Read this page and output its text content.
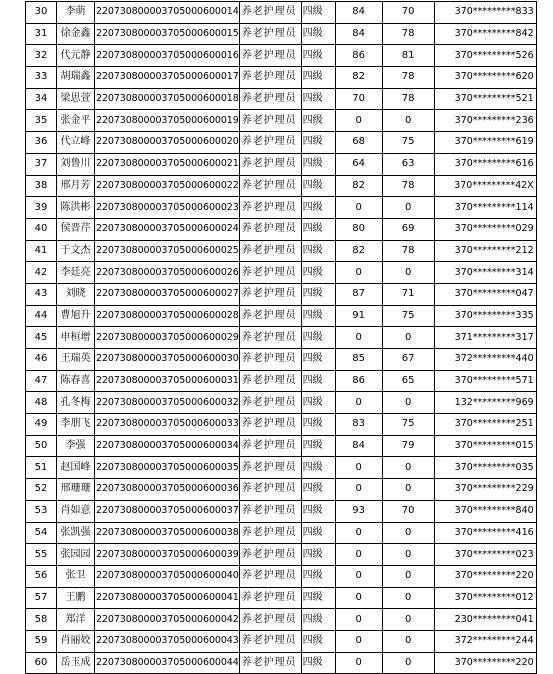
30	李萌	220730800003705000600014	养老护理员	四级	84	70	370*********833
31	徐金鑫	220730800003705000600015	养老护理员	四级	84	78	370*********842
32	代元静	220730800003705000600016	养老护理员	四级	86	81	370*********526
33	胡瑞鑫	220730800003705000600017	养老护理员	四级	82	78	370*********620
34	梁思萱	220730800003705000600018	养老护理员	四级	70	78	370*********521
35	张金平	220730800003705000600019	养老护理员	四级	0	0	370*********236
36	代立峰	220730800003705000600020	养老护理员	四级	68	75	370*********619
37	刘鲁川	220730800003705000600021	养老护理员	四级	64	63	370*********616
38	邢月芳	220730800003705000600022	养老护理员	四级	82	78	370*********42X
39	陈洪彬	220730800003705000600023	养老护理员	四级	0	0	370*********114
40	侯晋芹	220730800003705000600024	养老护理员	四级	80	69	370*********029
41	于文杰	220730800003705000600025	养老护理员	四级	82	78	370*********212
42	李廷亮	220730800003705000600026	养老护理员	四级	0	0	370*********314
43	刘晓	220730800003705000600027	养老护理员	四级	87	71	370*********047
44	曹旭升	220730800003705000600028	养老护理员	四级	91	75	370*********335
45	申桓增	220730800003705000600029	养老护理员	四级	0	0	371*********317
46	王瑞英	220730800003705000600030	养老护理员	四级	85	67	372*********440
47	陈春喜	220730800003705000600031	养老护理员	四级	86	65	370*********571
48	孔冬梅	220730800003705000600032	养老护理员	四级	0	0	132*********969
49	李朋飞	220730800003705000600033	养老护理员	四级	83	75	370*********251
50	李强	220730800003705000600034	养老护理员	四级	84	79	370*********015
51	赵国峰	220730800003705000600035	养老护理员	四级	0	0	370*********035
52	邢珊珊	220730800003705000600036	养老护理员	四级	0	0	370*********229
53	肖如意	220730800003705000600037	养老护理员	四级	93	70	370*********840
54	张凯强	220730800003705000600038	养老护理员	四级	0	0	370*********416
55	张园园	220730800003705000600039	养老护理员	四级	0	0	370*********023
56	张卫	220730800003705000600040	养老护理员	四级	0	0	370*********220
57	王鹏	220730800003705000600041	养老护理员	四级	0	0	370*********012
58	郑洋	220730800003705000600042	养老护理员	四级	0	0	230*********041
59	肖丽姣	220730800003705000600043	养老护理员	四级	0	0	372*********244
60	岳玉成	220730800003705000600044	养老护理员	四级	0	0	370*********220
